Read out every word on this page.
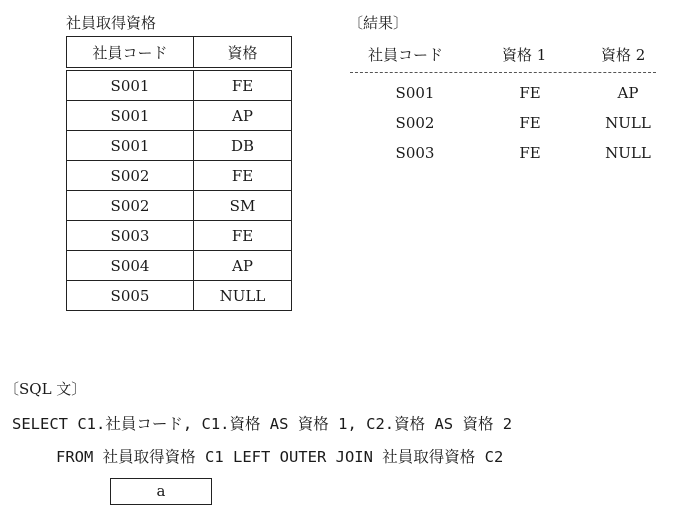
社員取得資格
社員コード	資格
S001	FE
S001	AP
S001	DB
S002	FE
S002	SM
S003	FE
S004	AP
S005	NULL
〔結果〕
社員コード	資格 1	資格 2
S001	FE	AP
S002	FE	NULL
S003	FE	NULL
〔SQL 文〕
SELECT C1.社員コード, C1.資格 AS 資格 1, C2.資格 AS 資格 2
FROM 社員取得資格 C1 LEFT OUTER JOIN 社員取得資格 C2
a
